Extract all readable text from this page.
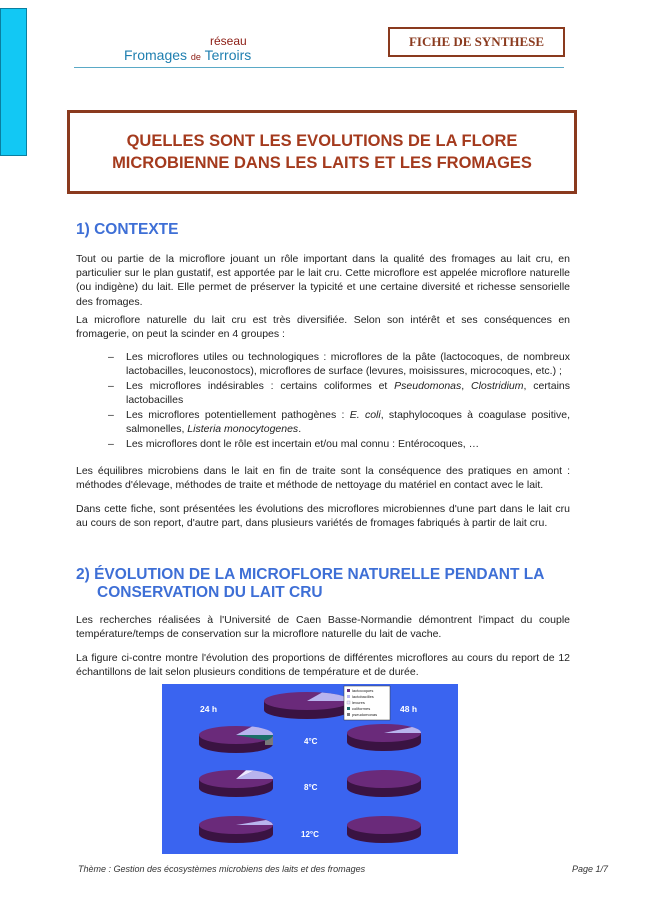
réseau
Fromages de Terroirs
FICHE DE SYNTHESE
QUELLES SONT LES EVOLUTIONS DE LA FLORE
MICROBIENNE DANS LES LAITS ET LES FROMAGES
1) CONTEXTE

Tout ou partie de la microflore jouant un rôle important dans la qualité des fromages au lait cru, en particulier sur le plan gustatif, est apportée par le lait cru. Cette microflore est appelée microflore naturelle (ou indigène) du lait. Elle permet de préserver la typicité et une certaine diversité et richesse sensorielle des fromages.

La microflore naturelle du lait cru est très diversifiée. Selon son intérêt et ses conséquences en fromagerie, on peut la scinder en 4 groupes :

– Les microflores utiles ou technologiques : microflores de la pâte (lactocoques, de nombreux lactobacilles, leuconostocs), microflores de surface (levures, moisissures, microcoques, etc.) ;
– Les microflores indésirables : certains coliformes et Pseudomonas, Clostridium, certains lactobacilles
– Les microflores potentiellement pathogènes : E. coli, staphylocoques à coagulase positive, salmonelles, Listeria monocytogenes.
– Les microflores dont le rôle est incertain et/ou mal connu : Entérocoques, …

Les équilibres microbiens dans le lait en fin de traite sont la conséquence des pratiques en amont : méthodes d'élevage, méthodes de traite et méthode de nettoyage du matériel en contact avec le lait.

Dans cette fiche, sont présentées les évolutions des microflores microbiennes d'une part dans le lait cru au cours de son report, d'autre part, dans plusieurs variétés de fromages fabriqués à partir de lait cru.

2) ÉVOLUTION DE LA MICROFLORE NATURELLE PENDANT LA
CONSERVATION DU LAIT CRU

Les recherches réalisées à l'Université de Caen Basse-Normandie démontrent l'impact du couple température/temps de conservation sur la microflore naturelle du lait de vache.

La figure ci-contre montre l'évolution des proportions de différentes microflores au cours du report de 12 échantillons de lait selon plusieurs conditions de température et de durée.

lactocoques
lactobacilles
levures
coliformes
pseudomonas
24 h	48 h
4°C
8°C
12°C
Thème : Gestion des écosystèmes microbiens des laits et des fromages	Page 1/7
